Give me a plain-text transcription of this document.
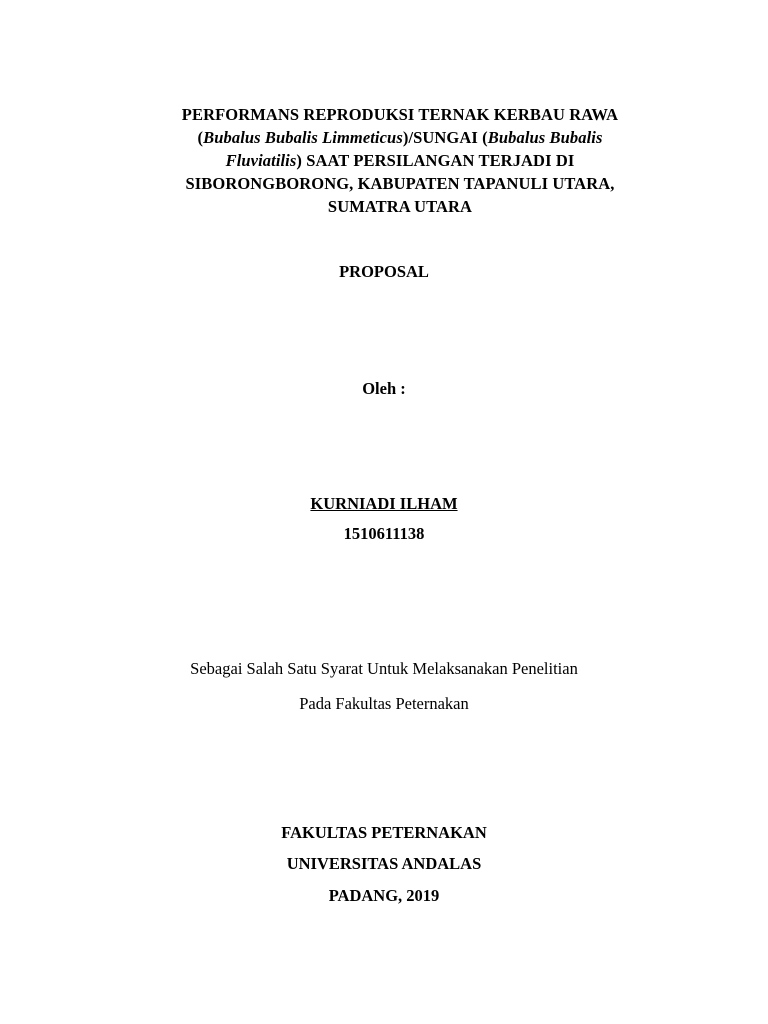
PERFORMANS REPRODUKSI TERNAK KERBAU RAWA
(Bubalus Bubalis Limmeticus)/SUNGAI (Bubalus Bubalis
Fluviatilis) SAAT PERSILANGAN TERJADI DI
SIBORONGBORONG, KABUPATEN TAPANULI UTARA,
SUMATRA UTARA
PROPOSAL
Oleh :
KURNIADI ILHAM
1510611138
Sebagai Salah Satu Syarat Untuk Melaksanakan Penelitian
Pada Fakultas Peternakan
FAKULTAS PETERNAKAN
UNIVERSITAS ANDALAS
PADANG, 2019
